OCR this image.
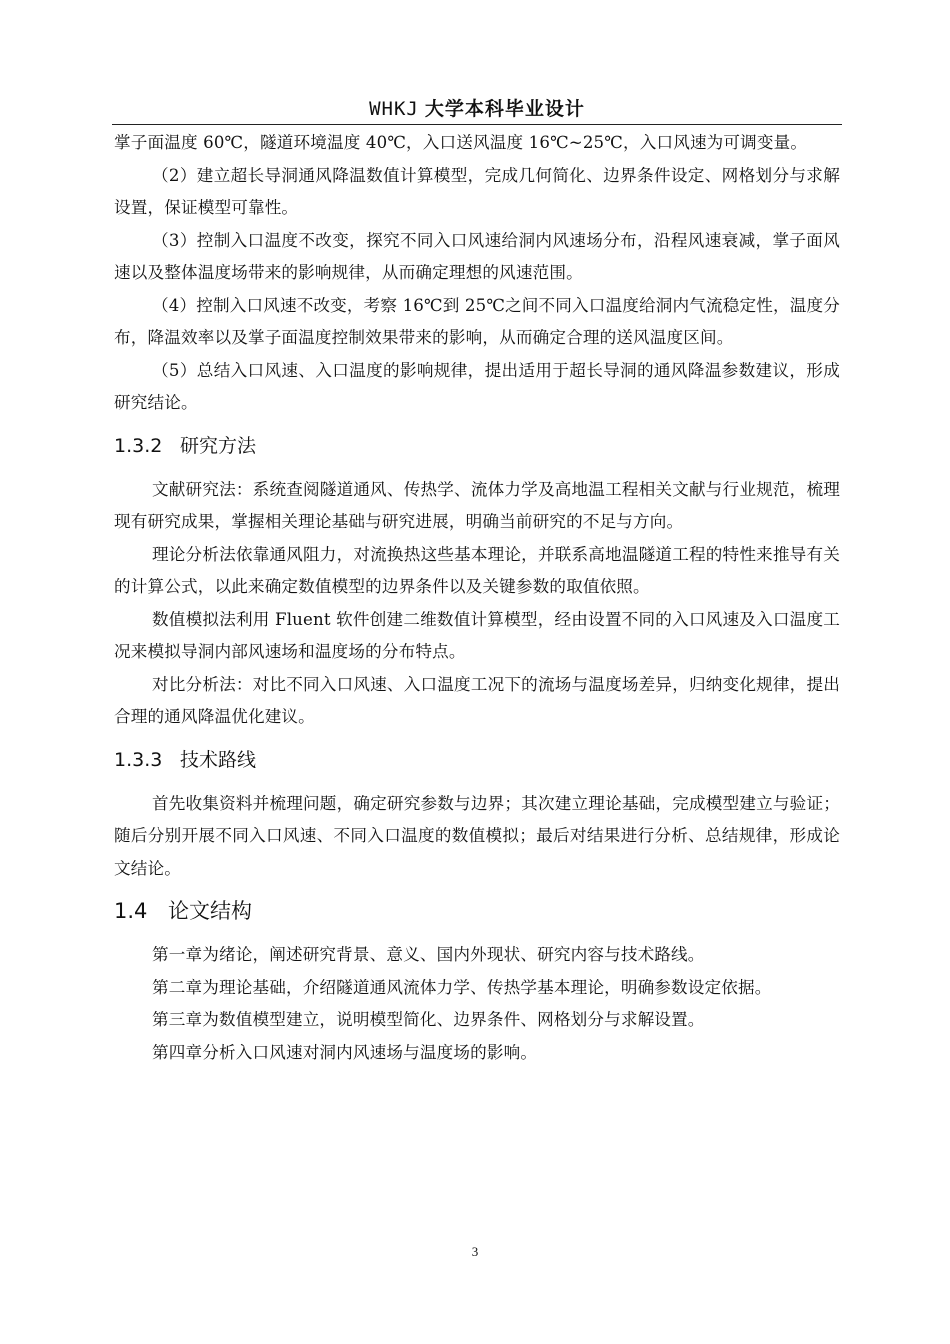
WHKJ 大学本科毕业设计

掌子面温度 60℃，隧道环境温度 40℃，入口送风温度 16℃~25℃，入口风速为可调变量。

（2）建立超长导洞通风降温数值计算模型，完成几何简化、边界条件设定、网格划分与求解设置，保证模型可靠性。

（3）控制入口温度不改变，探究不同入口风速给洞内风速场分布，沿程风速衰减，掌子面风速以及整体温度场带来的影响规律，从而确定理想的风速范围。

（4）控制入口风速不改变，考察 16℃到 25℃之间不同入口温度给洞内气流稳定性，温度分布，降温效率以及掌子面温度控制效果带来的影响，从而确定合理的送风温度区间。

（5）总结入口风速、入口温度的影响规律，提出适用于超长导洞的通风降温参数建议，形成研究结论。

1.3.2 研究方法

文献研究法：系统查阅隧道通风、传热学、流体力学及高地温工程相关文献与行业规范，梳理现有研究成果，掌握相关理论基础与研究进展，明确当前研究的不足与方向。

理论分析法依靠通风阻力，对流换热这些基本理论，并联系高地温隧道工程的特性来推导有关的计算公式，以此来确定数值模型的边界条件以及关键参数的取值依照。

数值模拟法利用 Fluent 软件创建二维数值计算模型，经由设置不同的入口风速及入口温度工况来模拟导洞内部风速场和温度场的分布特点。

对比分析法：对比不同入口风速、入口温度工况下的流场与温度场差异，归纳变化规律，提出合理的通风降温优化建议。

1.3.3 技术路线

首先收集资料并梳理问题，确定研究参数与边界；其次建立理论基础，完成模型建立与验证；随后分别开展不同入口风速、不同入口温度的数值模拟；最后对结果进行分析、总结规律，形成论文结论。

1.4 论文结构

第一章为绪论，阐述研究背景、意义、国内外现状、研究内容与技术路线。

第二章为理论基础，介绍隧道通风流体力学、传热学基本理论，明确参数设定依据。

第三章为数值模型建立，说明模型简化、边界条件、网格划分与求解设置。

第四章分析入口风速对洞内风速场与温度场的影响。

3
